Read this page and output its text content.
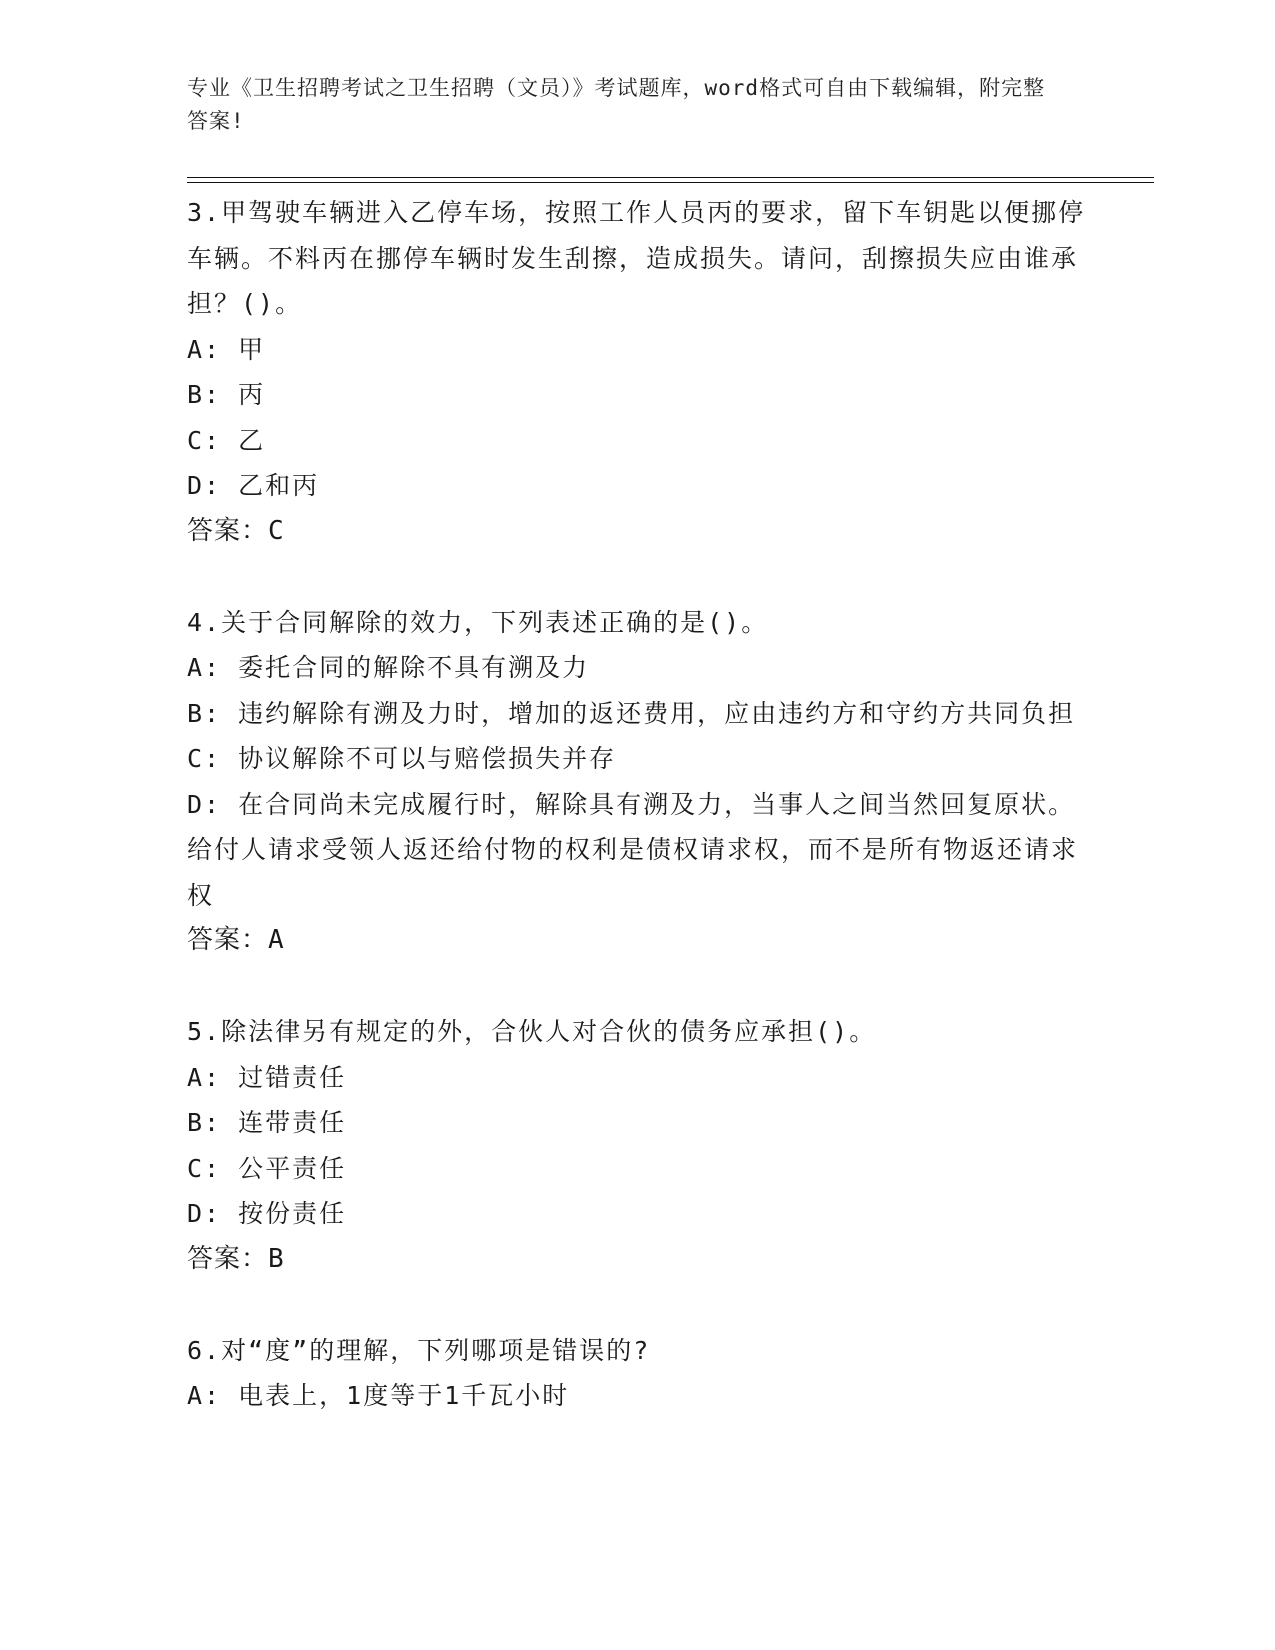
专业《卫生招聘考试之卫生招聘（文员）》考试题库，word格式可自由下载编辑，附完整答案!
3.甲驾驶车辆进入乙停车场，按照工作人员丙的要求，留下车钥匙以便挪停车辆。不料丙在挪停车辆时发生刮擦，造成损失。请问，刮擦损失应由谁承担？()。
A: 甲
B: 丙
C: 乙
D: 乙和丙
答案：C
4.关于合同解除的效力，下列表述正确的是()。
A: 委托合同的解除不具有溯及力
B: 违约解除有溯及力时，增加的返还费用，应由违约方和守约方共同负担
C: 协议解除不可以与赔偿损失并存
D: 在合同尚未完成履行时，解除具有溯及力，当事人之间当然回复原状。给付人请求受领人返还给付物的权利是债权请求权，而不是所有物返还请求权
答案：A
5.除法律另有规定的外，合伙人对合伙的债务应承担()。
A: 过错责任
B: 连带责任
C: 公平责任
D: 按份责任
答案：B
6.对“度”的理解，下列哪项是错误的?
A: 电表上，1度等于1千瓦小时
